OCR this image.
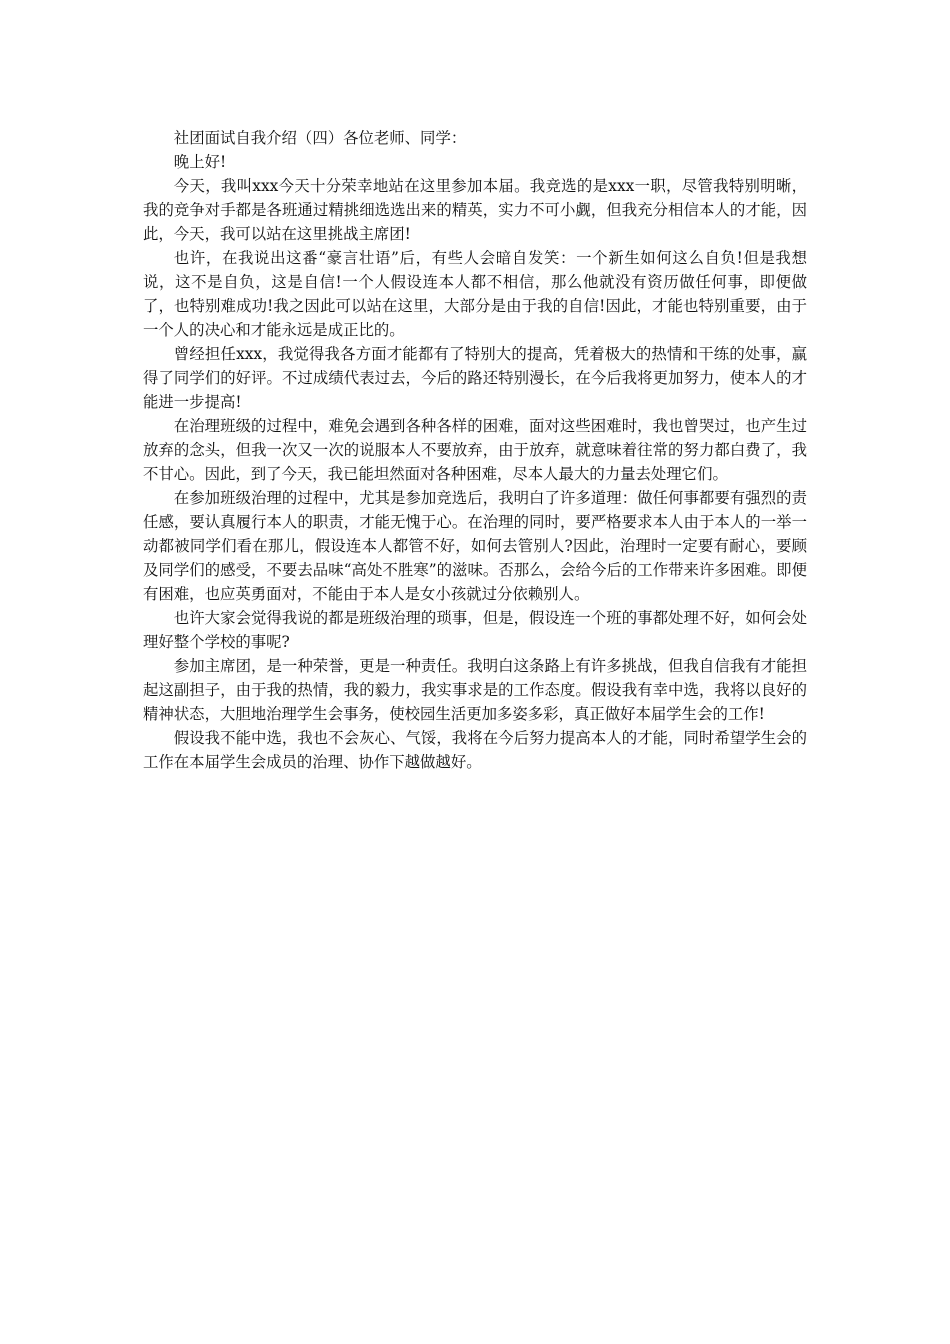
社团面试自我介绍（四）各位老师、同学：

晚上好!

今天，我叫xxx今天十分荣幸地站在这里参加本届。我竞选的是xxx一职，尽管我特别明晰，我的竞争对手都是各班通过精挑细选选出来的精英，实力不可小觑，但我充分相信本人的才能，因此，今天，我可以站在这里挑战主席团!

也许，在我说出这番“豪言壮语”后，有些人会暗自发笑：一个新生如何这么自负!但是我想说，这不是自负，这是自信!一个人假设连本人都不相信，那么他就没有资历做任何事，即便做了，也特别难成功!我之因此可以站在这里，大部分是由于我的自信!因此，才能也特别重要，由于一个人的决心和才能永远是成正比的。

曾经担任xxx，我觉得我各方面才能都有了特别大的提高，凭着极大的热情和干练的处事，赢得了同学们的好评。不过成绩代表过去，今后的路还特别漫长，在今后我将更加努力，使本人的才能进一步提高!

在治理班级的过程中，难免会遇到各种各样的困难，面对这些困难时，我也曾哭过，也产生过放弃的念头，但我一次又一次的说服本人不要放弃，由于放弃，就意味着往常的努力都白费了，我不甘心。因此，到了今天，我已能坦然面对各种困难，尽本人最大的力量去处理它们。

在参加班级治理的过程中，尤其是参加竞选后，我明白了许多道理：做任何事都要有强烈的责任感，要认真履行本人的职责，才能无愧于心。在治理的同时，要严格要求本人由于本人的一举一动都被同学们看在那儿，假设连本人都管不好，如何去管别人?因此，治理时一定要有耐心，要顾及同学们的感受，不要去品味“高处不胜寒”的滋味。否那么，会给今后的工作带来许多困难。即便有困难，也应英勇面对，不能由于本人是女小孩就过分依赖别人。

也许大家会觉得我说的都是班级治理的琐事，但是，假设连一个班的事都处理不好，如何会处理好整个学校的事呢?

参加主席团，是一种荣誉，更是一种责任。我明白这条路上有许多挑战，但我自信我有才能担起这副担子，由于我的热情，我的毅力，我实事求是的工作态度。假设我有幸中选，我将以良好的精神状态，大胆地治理学生会事务，使校园生活更加多姿多彩，真正做好本届学生会的工作!

假设我不能中选，我也不会灰心、气馁，我将在今后努力提高本人的才能，同时希望学生会的工作在本届学生会成员的治理、协作下越做越好。
